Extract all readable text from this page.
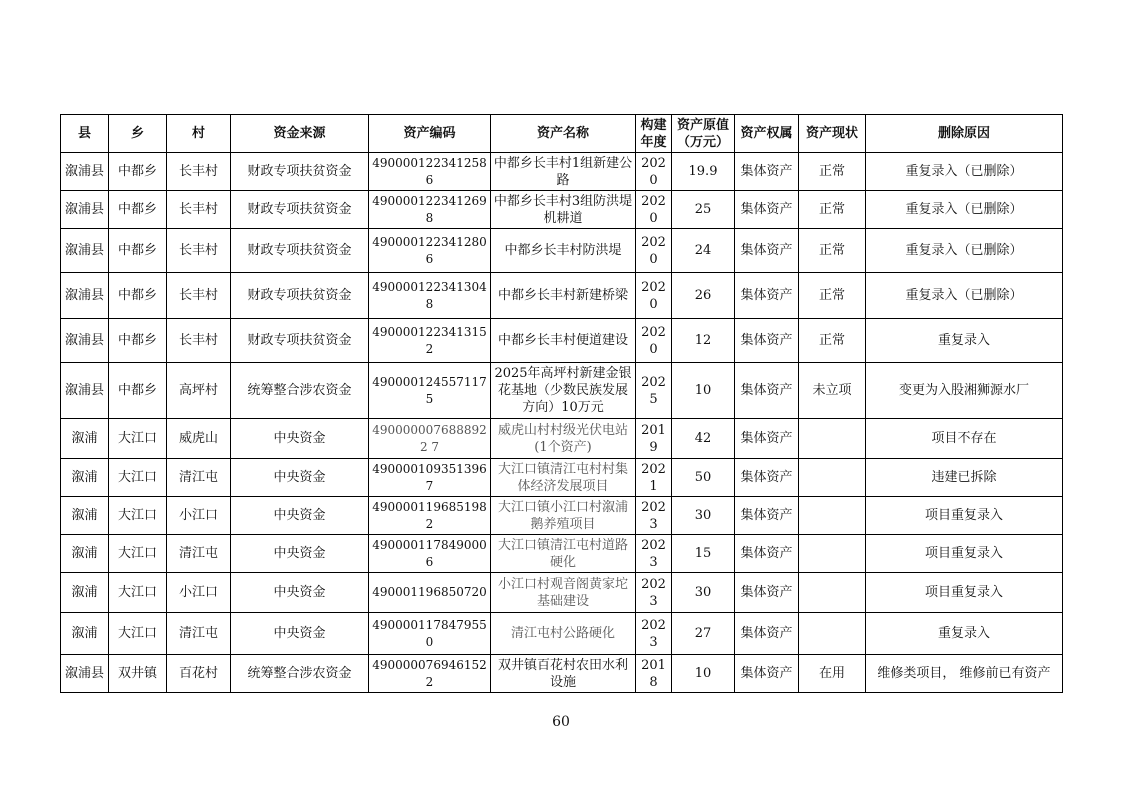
县	乡	村	资金来源	资产编码	资产名称	构建年度	资产原值（万元）	资产权属	资产现状	删除原因
溆浦县	中都乡	长丰村	财政专项扶贫资金	4900001223412586	中都乡长丰村1组新建公路	2020	19.9	集体资产	正常	重复录入（已删除）
溆浦县	中都乡	长丰村	财政专项扶贫资金	4900001223412698	中都乡长丰村3组防洪堤机耕道	2020	25	集体资产	正常	重复录入（已删除）
溆浦县	中都乡	长丰村	财政专项扶贫资金	4900001223412806	中都乡长丰村防洪堤	2020	24	集体资产	正常	重复录入（已删除）
溆浦县	中都乡	长丰村	财政专项扶贫资金	4900001223413048	中都乡长丰村新建桥梁	2020	26	集体资产	正常	重复录入（已删除）
溆浦县	中都乡	长丰村	财政专项扶贫资金	4900001223413152	中都乡长丰村便道建设	2020	12	集体资产	正常	重复录入
溆浦县	中都乡	高坪村	统筹整合涉农资金	4900001245571175	2025年高坪村新建金银花基地（少数民族发展方向）10万元	2025	10	集体资产	未立项	变更为入股湘狮源水厂
溆浦	大江口	威虎山	中央资金	4900000076888922 7	威虎山村村级光伏电站(1个资产)	2019	42	集体资产		项目不存在
溆浦	大江口	清江屯	中央资金	4900001093513967	大江口镇清江屯村村集体经济发展项目	2021	50	集体资产		违建已拆除
溆浦	大江口	小江口	中央资金	4900001196851982	大江口镇小江口村溆浦鹅养殖项目	2023	30	集体资产		项目重复录入
溆浦	大江口	清江屯	中央资金	4900001178490006	大江口镇清江屯村道路硬化	2023	15	集体资产		项目重复录入
溆浦	大江口	小江口	中央资金	490001196850720	小江口村观音阁黄家坨基础建设	2023	30	集体资产		项目重复录入
溆浦	大江口	清江屯	中央资金	4900001178479550	清江屯村公路硬化	2023	27	集体资产		重复录入
溆浦县	双井镇	百花村	统筹整合涉农资金	4900000769461522	双井镇百花村农田水利设施	2018	10	集体资产	在用	维修类项目， 维修前已有资产
60
